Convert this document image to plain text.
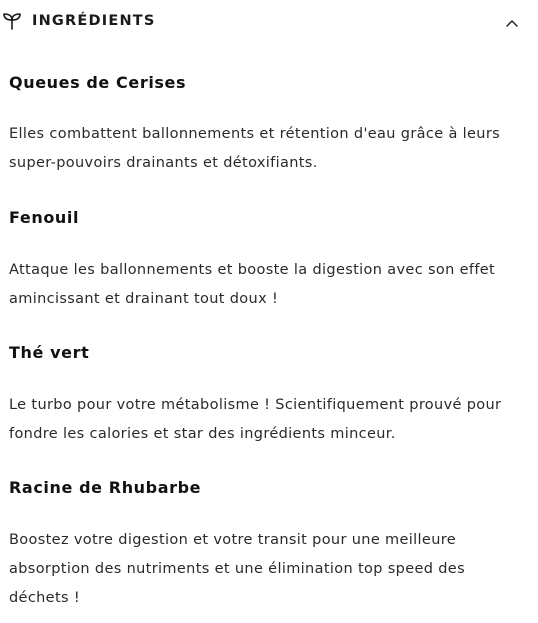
INGRÉDIENTS
Queues de Cerises
Elles combattent ballonnements et rétention d'eau grâce à leurs super-pouvoirs drainants et détoxifiants.
Fenouil
Attaque les ballonnements et booste la digestion avec son effet amincissant et drainant tout doux !
Thé vert
Le turbo pour votre métabolisme ! Scientifiquement prouvé pour fondre les calories et star des ingrédients minceur.
Racine de Rhubarbe
Boostez votre digestion et votre transit pour une meilleure absorption des nutriments et une élimination top speed des déchets !
